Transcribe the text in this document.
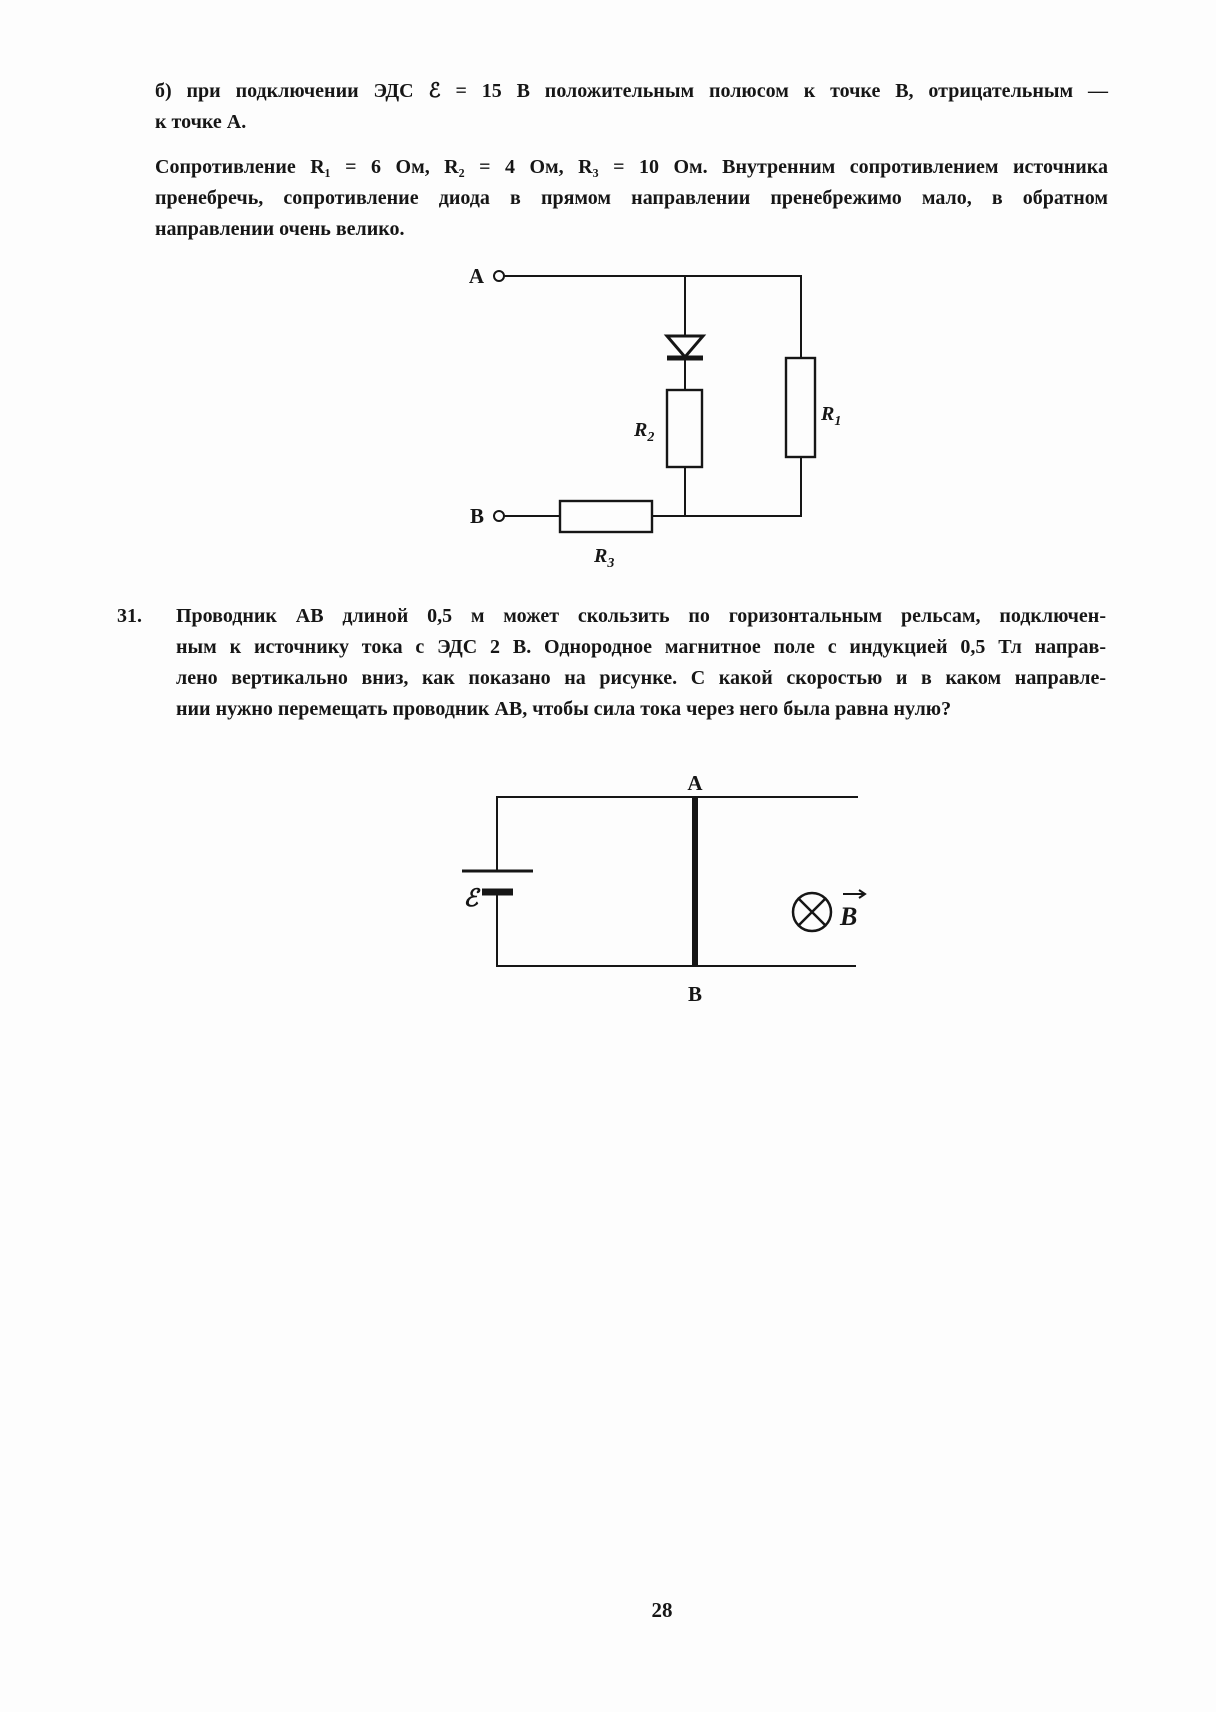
б) при подключении ЭДС ℰ = 15 В положительным полюсом к точке В, отрицательным —
к точке А.
Сопротивление R₁ = 6 Ом, R₂ = 4 Ом, R₃ = 10 Ом. Внутренним сопротивлением источника
пренебречь, сопротивление диода в прямом направлении пренебрежимо мало, в обратном
направлении очень велико.
А
R1
R2
В
R3
31. Проводник АВ длиной 0,5 м может скользить по горизонтальным рельсам, подключен-
ным к источнику тока с ЭДС 2 В. Однородное магнитное поле с индукцией 0,5 Тл направ-
лено вертикально вниз, как показано на рисунке. С какой скоростью и в каком направле-
нии нужно перемещать проводник АВ, чтобы сила тока через него была равна нулю?
А
ℰ
В
B
28
